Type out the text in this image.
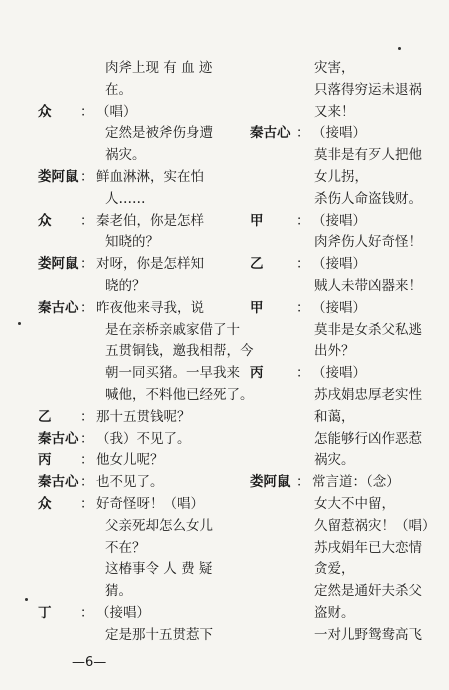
肉斧上现 有 血 迹
在。
众 ： （唱）
定然是被斧伤身遭
祸灾。
娄阿鼠 ： 鲜血淋淋，实在怕
人……
众 ： 秦老伯，你是怎样
知晓的？
娄阿鼠 ： 对呀，你是怎样知
晓的？
秦古心 ： 昨夜他来寻我，说
是在亲桥亲戚家借了十
五贯铜钱，邀我相帮，今
朝一同买猪。一早我来
喊他，不料他已经死了。
乙 ： 那十五贯钱呢？
秦古心 ： （我）不见了。
丙 ： 他女儿呢？
秦古心 ： 也不见了。
众 ： 好奇怪呀！（唱）
父亲死却怎么女儿
不在？
这椿事令 人 费 疑
猜。
丁 ： （接唱）
定是那十五贯惹下
灾害，
只落得穷运未退祸
又来！
秦古心 ： （接唱）
莫非是有歹人把他
女儿拐，
杀伤人命盗钱财。
甲 ： （接唱）
肉斧伤人好奇怪！
乙 ： （接唱）
贼人未带凶器来！
甲 ： （接唱）
莫非是女杀父私逃
出外？
丙 ： （接唱）
苏戌娟忠厚老实性
和蔼，
怎能够行凶作恶惹
祸灾。
娄阿鼠 ： 常言道：（念）
女大不中留，
久留惹祸灾！（唱）
苏戌娟年已大恋情
贪爱，
定然是通奸夫杀父
盗财。
一对儿野鸳鸯高飞
—6—
